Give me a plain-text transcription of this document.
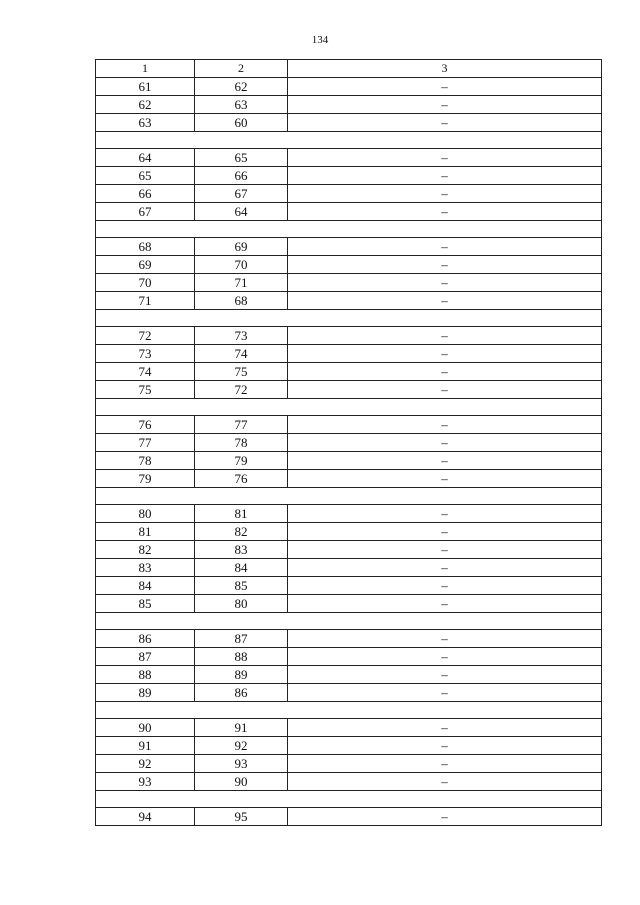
134
1	2	3
61	62	–
62	63	–
63	60	–

64	65	–
65	66	–
66	67	–
67	64	–

68	69	–
69	70	–
70	71	–
71	68	–

72	73	–
73	74	–
74	75	–
75	72	–

76	77	–
77	78	–
78	79	–
79	76	–

80	81	–
81	82	–
82	83	–
83	84	–
84	85	–
85	80	–

86	87	–
87	88	–
88	89	–
89	86	–

90	91	–
91	92	–
92	93	–
93	90	–

94	95	–
